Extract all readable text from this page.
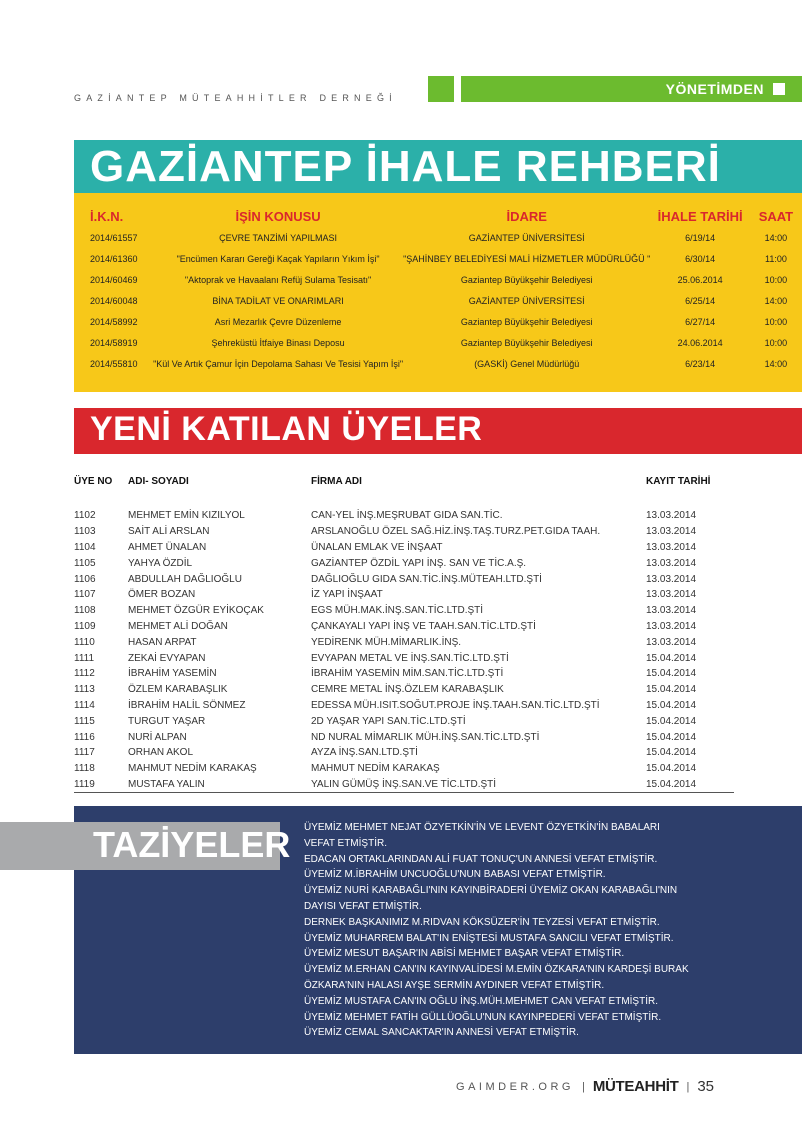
GAZİANTEP MÜTEAHHİTLER DERNEĞİ
YÖNETİMDEN
GAZİANTEP İHALE REHBERİ
İ.K.N.	İŞİN KONUSU	İDARE	İHALE TARİHİ	SAAT
2014/61557	ÇEVRE TANZİMİ YAPILMASI	GAZİANTEP ÜNİVERSİTESİ	6/19/14	14:00
2014/61360	"Encümen Kararı Gereği Kaçak Yapıların Yıkım İşi"	"ŞAHİNBEY BELEDİYESİ MALİ HİZMETLER MÜDÜRLÜĞÜ "	6/30/14	11:00
2014/60469	"Aktoprak ve Havaalanı Refüj Sulama Tesisatı"	Gaziantep Büyükşehir Belediyesi	25.06.2014	10:00
2014/60048	BİNA TADİLAT VE ONARIMLARI	GAZİANTEP ÜNİVERSİTESİ	6/25/14	14:00
2014/58992	Asri Mezarlık Çevre Düzenleme	Gaziantep Büyükşehir Belediyesi	6/27/14	10:00
2014/58919	Şehreküstü İtfaiye Binası Deposu	Gaziantep Büyükşehir Belediyesi	24.06.2014	10:00
2014/55810	"Kül Ve Artık Çamur İçin Depolama Sahası Ve Tesisi Yapım İşi"	(GASKİ) Genel Müdürlüğü	6/23/14	14:00
YENİ KATILAN ÜYELER
ÜYE NO	ADI- SOYADI	FİRMA ADI	KAYIT TARİHİ

1102	MEHMET EMİN KIZILYOL	CAN-YEL İNŞ.MEŞRUBAT GIDA SAN.TİC.	13.03.2014
1103	SAİT ALİ ARSLAN	ARSLANOĞLU ÖZEL SAĞ.HİZ.İNŞ.TAŞ.TURZ.PET.GIDA TAAH.	13.03.2014
1104	AHMET ÜNALAN	ÜNALAN EMLAK VE İNŞAAT	13.03.2014
1105	YAHYA ÖZDİL	GAZİANTEP ÖZDİL YAPI İNŞ. SAN VE TİC.A.Ş.	13.03.2014
1106	ABDULLAH DAĞLIOĞLU	DAĞLIOĞLU GIDA SAN.TİC.İNŞ.MÜTEAH.LTD.ŞTİ	13.03.2014
1107	ÖMER BOZAN	İZ YAPI İNŞAAT	13.03.2014
1108	MEHMET ÖZGÜR EYİKOÇAK	EGS MÜH.MAK.İNŞ.SAN.TİC.LTD.ŞTİ	13.03.2014
1109	MEHMET ALİ DOĞAN	ÇANKAYALI YAPI İNŞ VE TAAH.SAN.TİC.LTD.ŞTİ	13.03.2014
1110	HASAN ARPAT	YEDİRENK MÜH.MİMARLIK.İNŞ.	13.03.2014
1111	ZEKAİ EVYAPAN	EVYAPAN METAL VE İNŞ.SAN.TİC.LTD.ŞTİ	15.04.2014
1112	İBRAHİM YASEMİN	İBRAHİM YASEMİN MİM.SAN.TİC.LTD.ŞTİ	15.04.2014
1113	ÖZLEM KARABAŞLIK	CEMRE METAL İNŞ.ÖZLEM KARABAŞLIK	15.04.2014
1114	İBRAHİM HALİL SÖNMEZ	EDESSA MÜH.ISIT.SOĞUT.PROJE İNŞ.TAAH.SAN.TİC.LTD.ŞTİ	15.04.2014
1115	TURGUT YAŞAR	2D YAŞAR YAPI SAN.TİC.LTD.ŞTİ	15.04.2014
1116	NURİ ALPAN	ND NURAL MİMARLIK MÜH.İNŞ.SAN.TİC.LTD.ŞTİ	15.04.2014
1117	ORHAN AKOL	AYZA İNŞ.SAN.LTD.ŞTİ	15.04.2014
1118	MAHMUT NEDİM KARAKAŞ	MAHMUT NEDİM KARAKAŞ	15.04.2014
1119	MUSTAFA YALIN	YALIN GÜMÜŞ İNŞ.SAN.VE TİC.LTD.ŞTİ	15.04.2014
TAZİYELER ÜYEMİZ MEHMET NEJAT ÖZYETKİN'İN VE LEVENT ÖZYETKİN'İN BABALARI
VEFAT ETMİŞTİR.
EDACAN ORTAKLARINDAN ALİ FUAT TONUÇ'UN ANNESİ VEFAT ETMİŞTİR.
ÜYEMİZ M.İBRAHİM UNCUOĞLU'NUN BABASI VEFAT ETMİŞTİR.
ÜYEMİZ NURİ KARABAĞLI'NIN KAYINBİRADERİ ÜYEMİZ OKAN KARABAĞLI'NIN
DAYISI VEFAT ETMİŞTİR.
DERNEK BAŞKANIMIZ M.RIDVAN KÖKSÜZER'İN TEYZESİ VEFAT ETMİŞTİR.
ÜYEMİZ MUHARREM BALAT'IN ENİŞTESİ MUSTAFA SANCILI VEFAT ETMİŞTİR.
ÜYEMİZ MESUT BAŞAR'IN ABİSİ MEHMET BAŞAR VEFAT ETMİŞTİR.
ÜYEMİZ M.ERHAN CAN'IN KAYINVALİDESİ M.EMİN ÖZKARA'NIN KARDEŞİ BURAK
ÖZKARA'NIN HALASI AYŞE SERMİN AYDINER VEFAT ETMİŞTİR.
ÜYEMİZ MUSTAFA CAN'IN OĞLU İNŞ.MÜH.MEHMET CAN VEFAT ETMİŞTİR.
ÜYEMİZ MEHMET FATİH GÜLLÜOĞLU'NUN KAYINPEDERİ VEFAT ETMİŞTİR.
ÜYEMİZ CEMAL SANCAKTAR'IN ANNESİ VEFAT ETMİŞTİR.
GAIMDER.ORG | MÜTEAHHİT | 35
